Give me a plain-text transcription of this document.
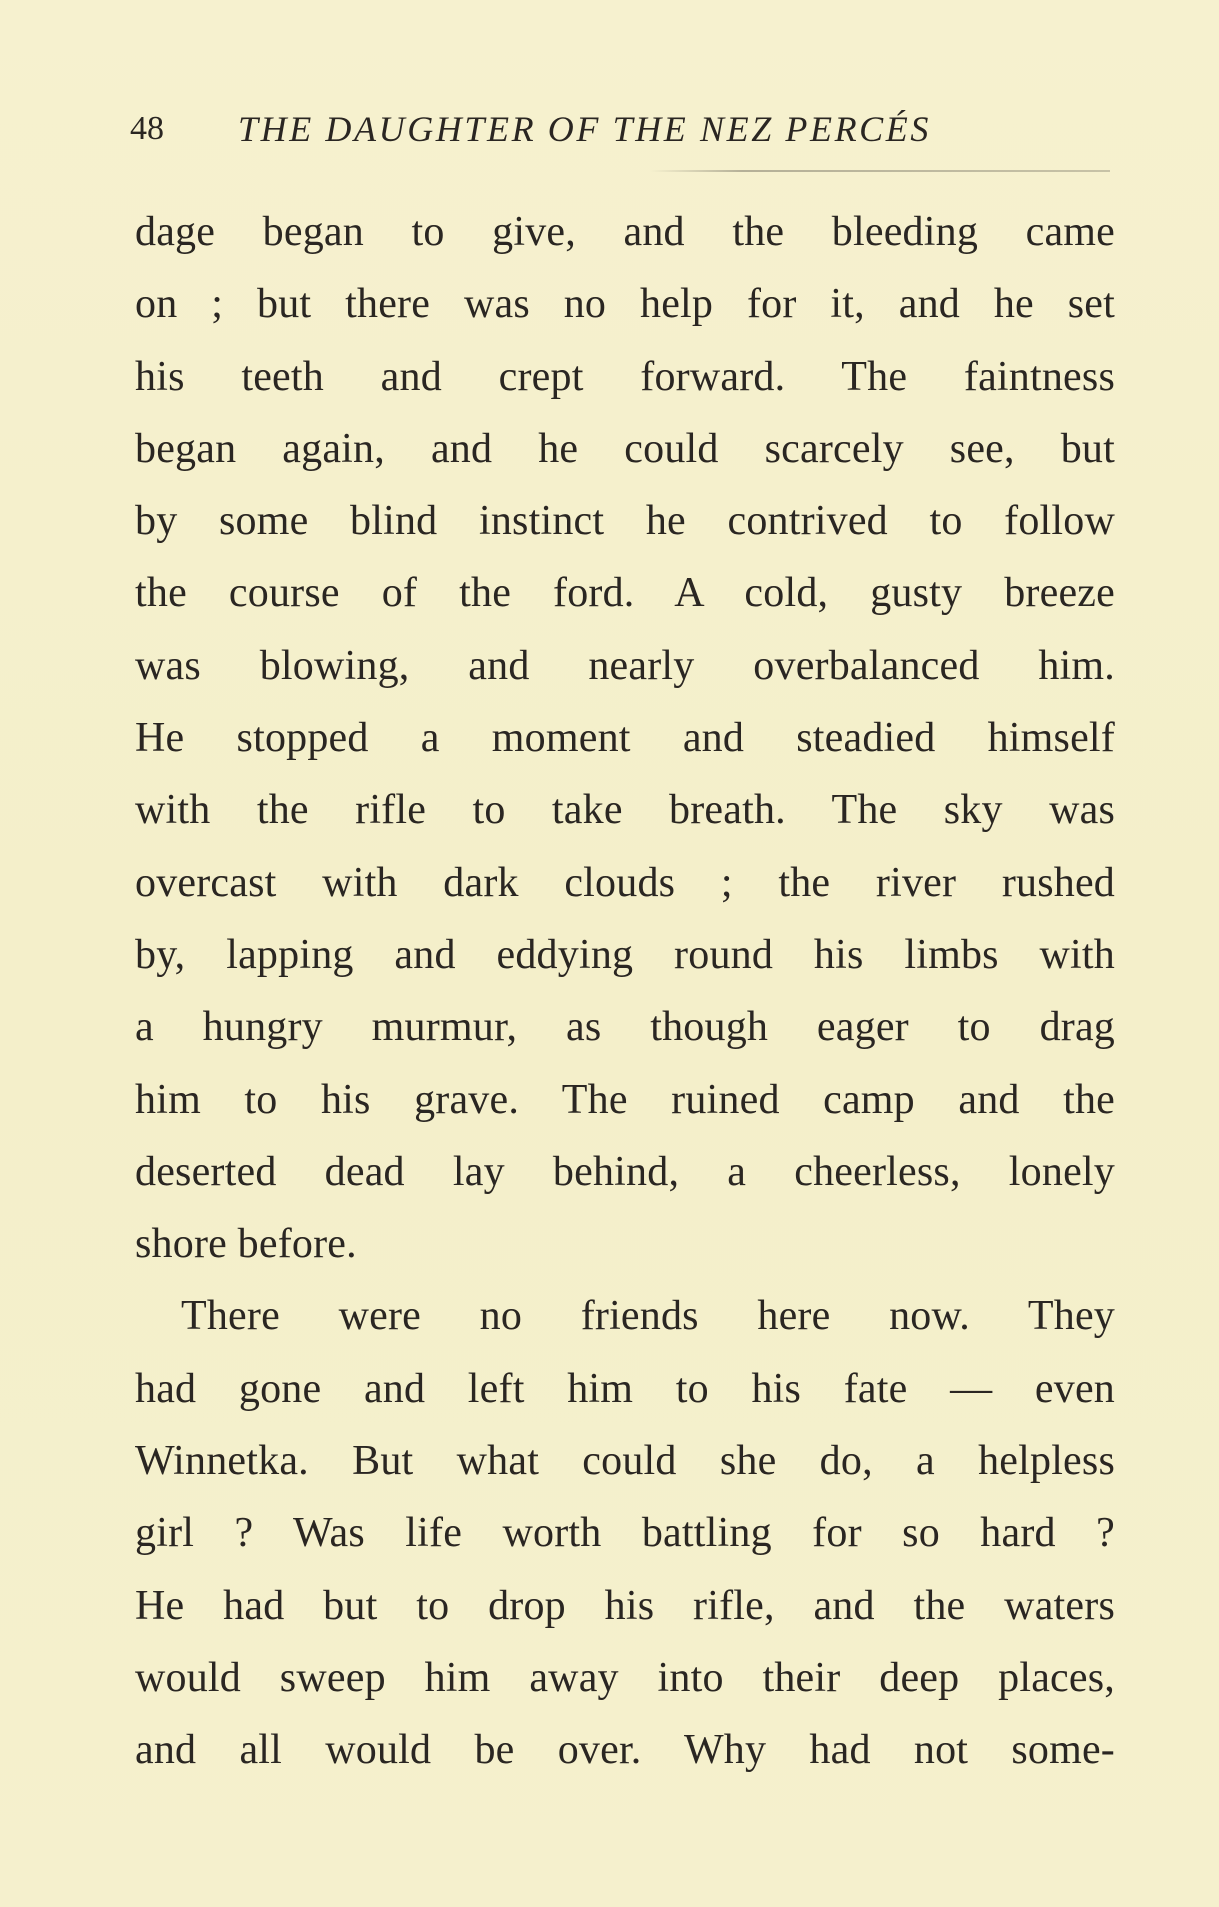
48 THE DAUGHTER OF THE NEZ PERCÉS
dage began to give, and the bleeding came
on ; but there was no help for it, and he set
his teeth and crept forward. The faintness
began again, and he could scarcely see, but
by some blind instinct he contrived to follow
the course of the ford. A cold, gusty breeze
was blowing, and nearly overbalanced him.
He stopped a moment and steadied himself
with the rifle to take breath. The sky was
overcast with dark clouds ; the river rushed
by, lapping and eddying round his limbs with
a hungry murmur, as though eager to drag
him to his grave. The ruined camp and the
deserted dead lay behind, a cheerless, lonely
shore before.
There were no friends here now. They
had gone and left him to his fate — even
Winnetka. But what could she do, a helpless
girl ? Was life worth battling for so hard ?
He had but to drop his rifle, and the waters
would sweep him away into their deep places,
and all would be over. Why had not some-
